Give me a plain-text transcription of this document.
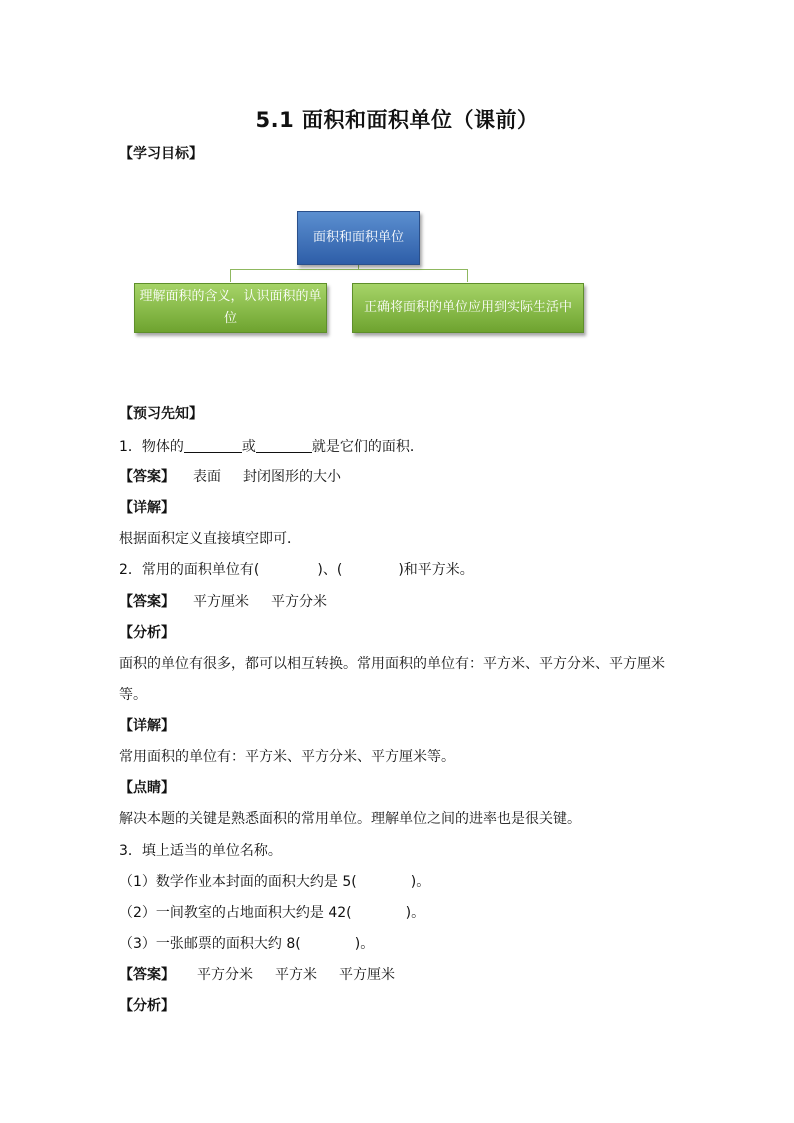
5.1 面积和面积单位（课前）
【学习目标】
面积和面积单位
理解面积的含义，认识面积的单位
正确将面积的单位应用到实际生活中
【预习先知】
1．物体的	或	就是它们的面积．
【答案】 表面 封闭图形的大小
【详解】
根据面积定义直接填空即可．
2．常用的面积单位有(	)、(	)和平方米。
【答案】 平方厘米 平方分米
【分析】
面积的单位有很多，都可以相互转换。常用面积的单位有：平方米、平方分米、平方厘米
等。
【详解】
常用面积的单位有：平方米、平方分米、平方厘米等。
【点睛】
解决本题的关键是熟悉面积的常用单位。理解单位之间的进率也是很关键。
3．填上适当的单位名称。
（1）数学作业本封面的面积大约是 5(	)。
（2）一间教室的占地面积大约是 42(	)。
（3）一张邮票的面积大约 8(	)。
【答案】 平方分米 平方米 平方厘米
【分析】
